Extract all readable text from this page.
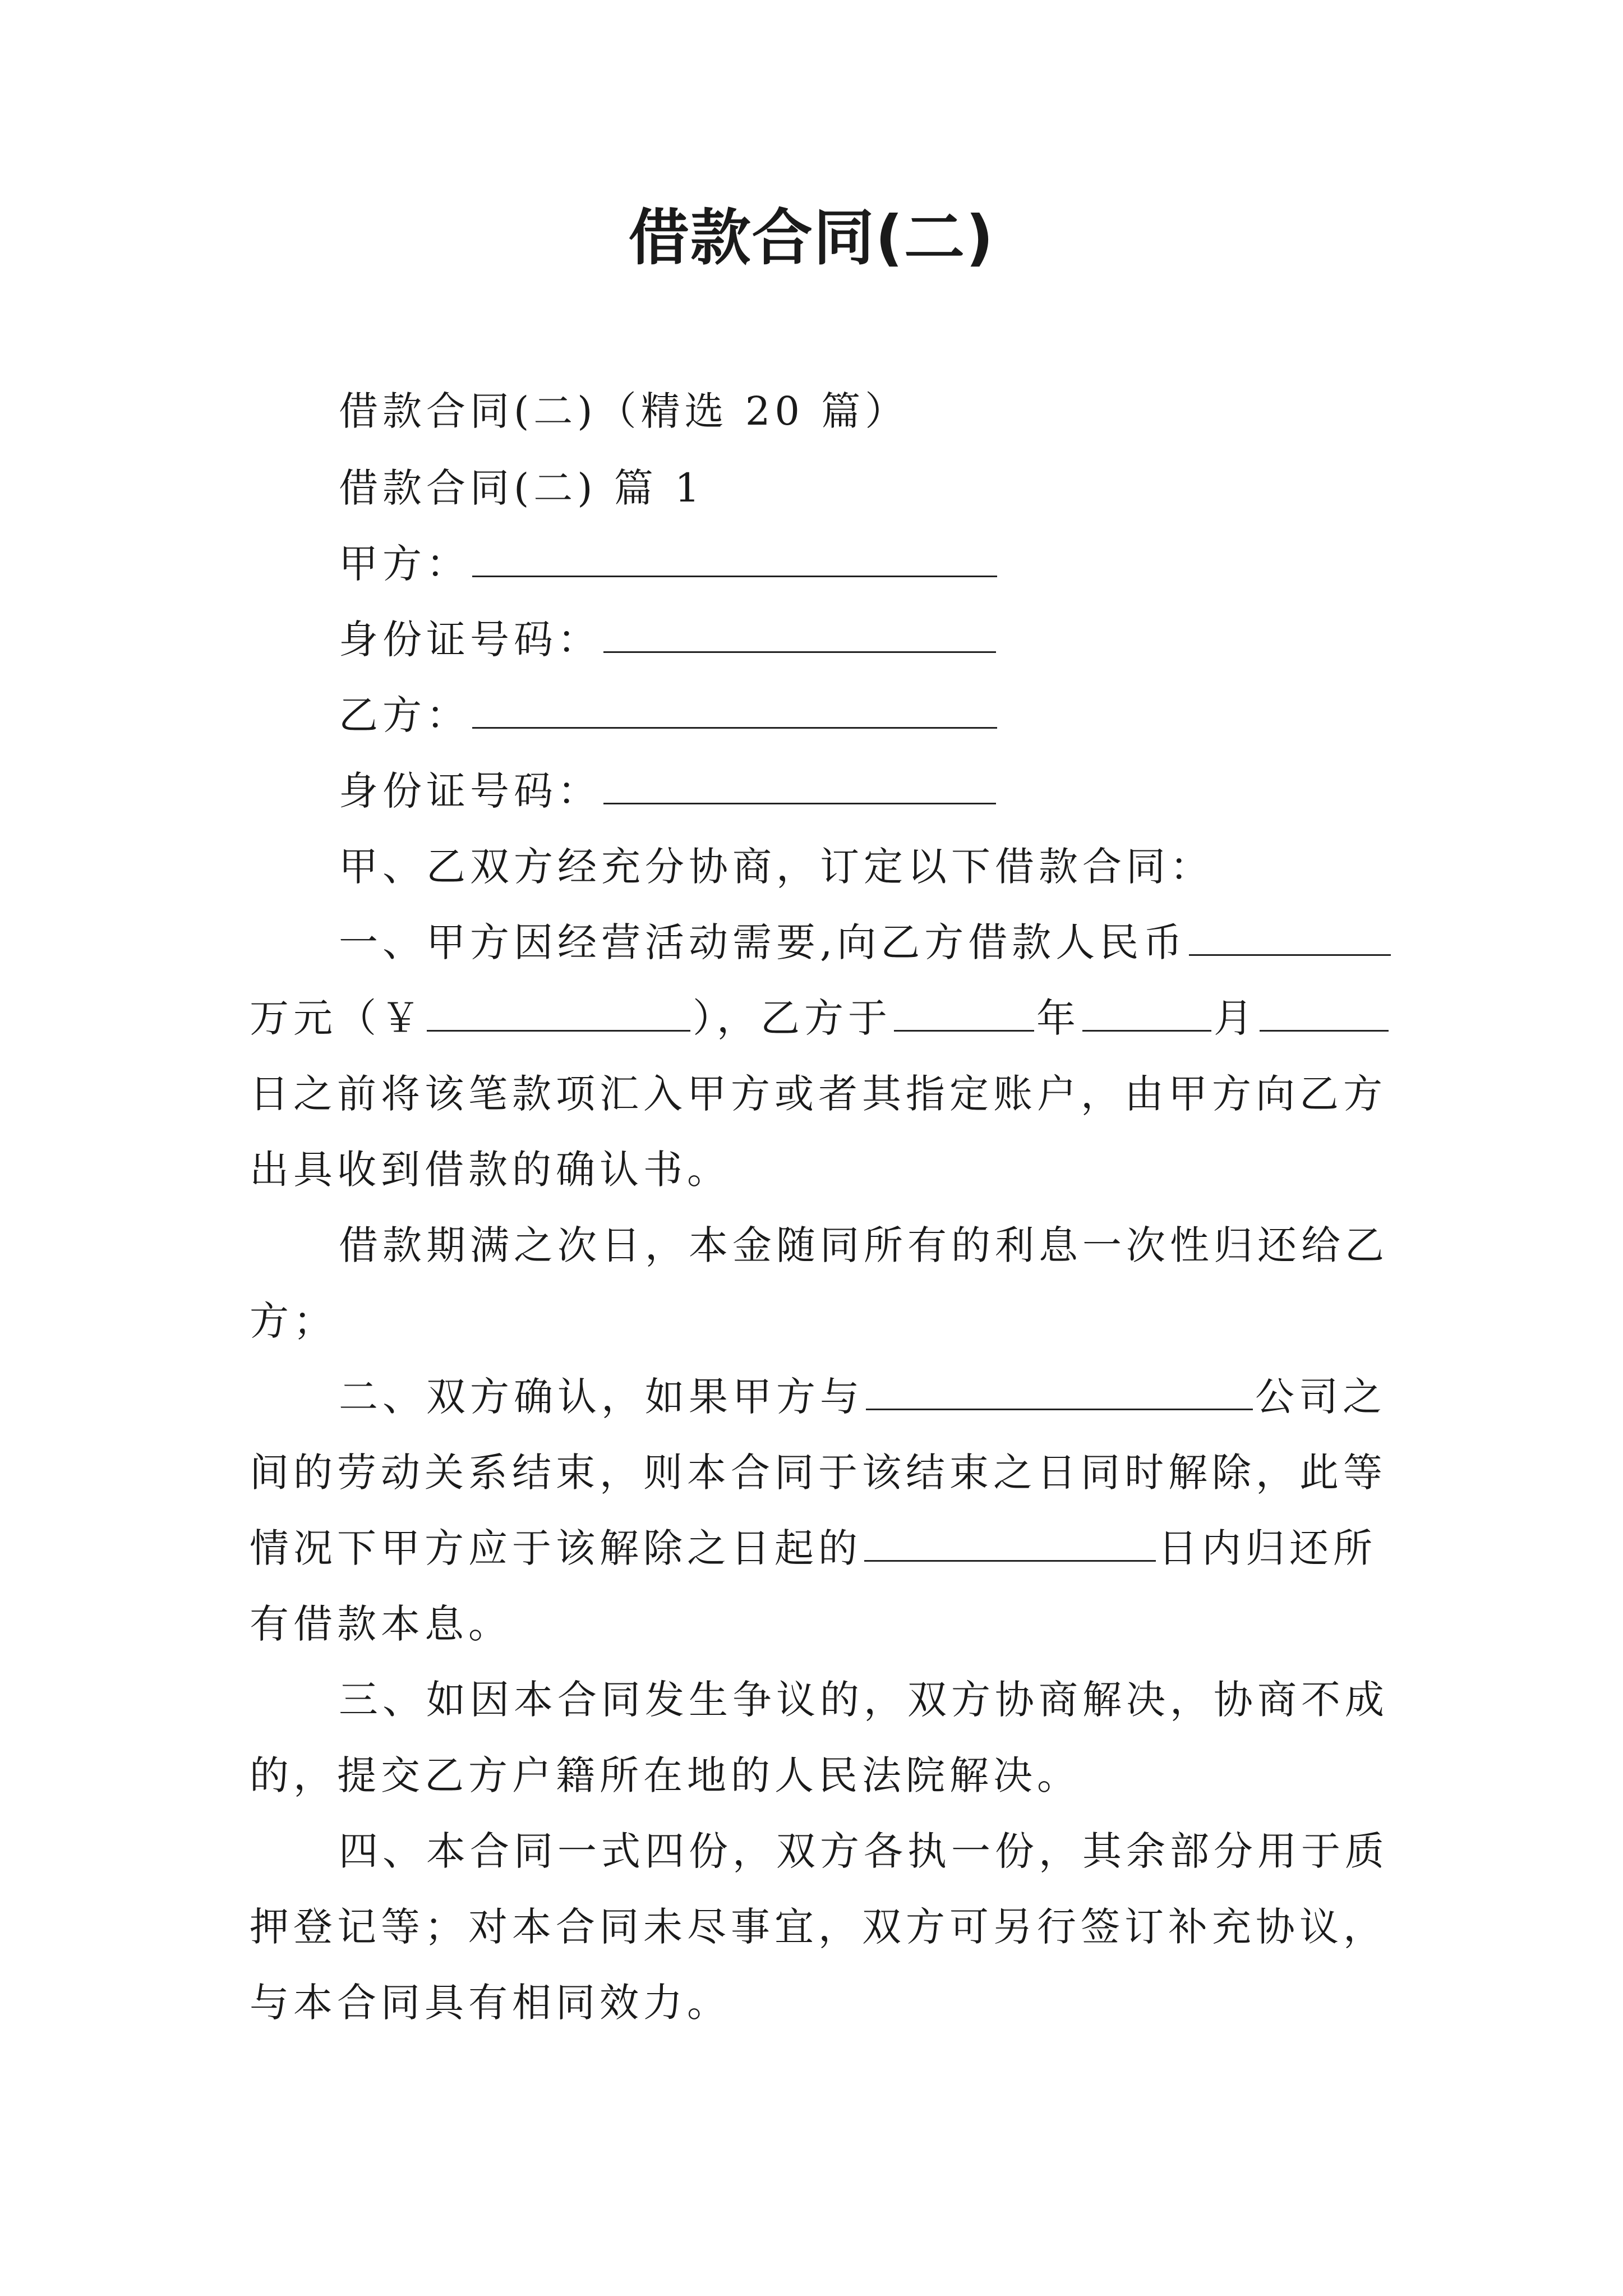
借款合同(二)
借款合同(二)（精选 20 篇）
借款合同(二) 篇 1
甲方：
身份证号码：
乙方：
身份证号码：
甲、乙双方经充分协商，订定以下借款合同：
一、甲方因经营活动需要,向乙方借款人民币
万元（￥	），乙方于	年	月
日之前将该笔款项汇入甲方或者其指定账户，由甲方向乙方
出具收到借款的确认书。
借款期满之次日，本金随同所有的利息一次性归还给乙
方；
二、双方确认，如果甲方与	公司之
间的劳动关系结束，则本合同于该结束之日同时解除，此等
情况下甲方应于该解除之日起的	日内归还所
有借款本息。
三、如因本合同发生争议的，双方协商解决，协商不成
的，提交乙方户籍所在地的人民法院解决。
四、本合同一式四份，双方各执一份，其余部分用于质
押登记等；对本合同未尽事宜，双方可另行签订补充协议，
与本合同具有相同效力。
